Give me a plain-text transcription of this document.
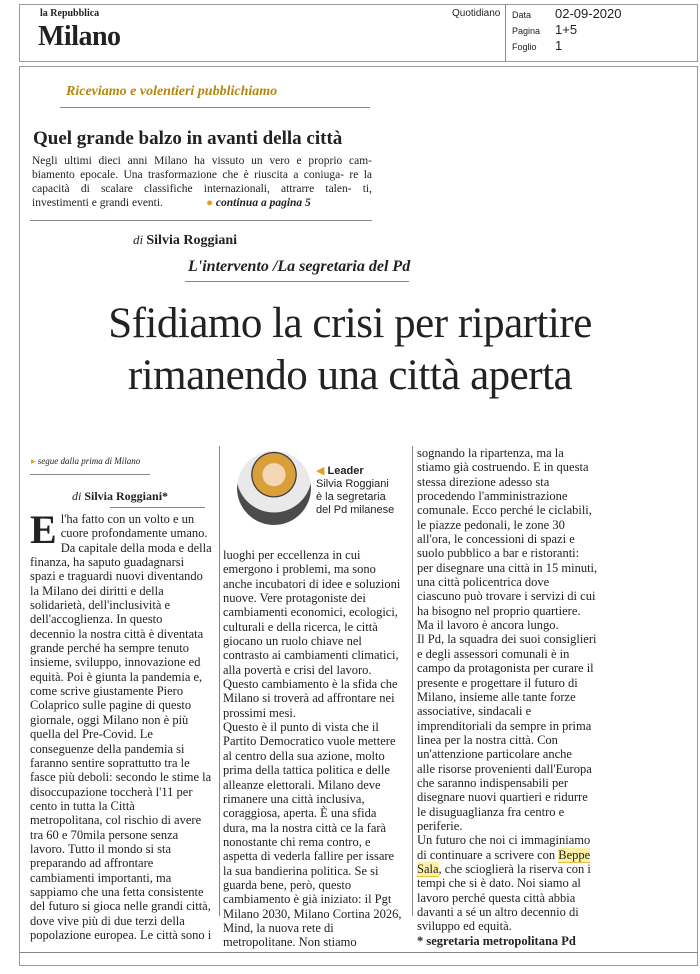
la Repubblica
Milano
Quotidiano Data 02-09-2020
Pagina 1+5
Foglio 1
Riceviamo e volentieri pubblichiamo
Quel grande balzo in avanti della città
Negli ultimi dieci anni Milano ha vissuto un vero e proprio cam- biamento epocale. Una trasformazione che è riuscita a coniuga- re la capacità di scalare classifiche internazionali, attrarre talen- ti, investimenti e grandi eventi.	● continua a pagina 5
di Silvia Roggiani
L'intervento /La segretaria del Pd
Sfidiamo la crisi per ripartire
rimanendo una città aperta
▸ segue dalla prima di Milano
di Silvia Roggiani*
E l'ha fatto con un volto e un
cuore profondamente umano.
Da capitale della moda e della
finanza, ha saputo guadagnarsi
spazi e traguardi nuovi diventando
la Milano dei diritti e della
solidarietà, dell'inclusività e
dell'accoglienza. In questo
decennio la nostra città è diventata
grande perché ha sempre tenuto
insieme, sviluppo, innovazione ed
equità. Poi è giunta la pandemia e,
come scrive giustamente Piero
Colaprico sulle pagine di questo
giornale, oggi Milano non è più
quella del Pre-Covid. Le
conseguenze della pandemia si
faranno sentire soprattutto tra le
fasce più deboli: secondo le stime la
disoccupazione toccherà l'11 per
cento in tutta la Città
metropolitana, col rischio di avere
tra 60 e 70mila persone senza
lavoro. Tutto il mondo si sta
preparando ad affrontare
cambiamenti importanti, ma
sappiamo che una fetta consistente
del futuro si gioca nelle grandi città,
dove vive più di due terzi della
popolazione europea. Le città sono i
◀ Leader
Silvia Roggiani
è la segretaria
del Pd milanese
luoghi per eccellenza in cui
emergono i problemi, ma sono
anche incubatori di idee e soluzioni
nuove. Vere protagoniste dei
cambiamenti economici, ecologici,
culturali e della ricerca, le città
giocano un ruolo chiave nel
contrasto ai cambiamenti climatici,
alla povertà e crisi del lavoro.
Questo cambiamento è la sfida che
Milano si troverà ad affrontare nei
prossimi mesi.
Questo è il punto di vista che il
Partito Democratico vuole mettere
al centro della sua azione, molto
prima della tattica politica e delle
alleanze elettorali. Milano deve
rimanere una città inclusiva,
coraggiosa, aperta. È una sfida
dura, ma la nostra città ce la farà
nonostante chi rema contro, e
aspetta di vederla fallire per issare
la sua bandierina politica. Se si
guarda bene, però, questo
cambiamento è già iniziato: il Pgt
Milano 2030, Milano Cortina 2026,
Mind, la nuova rete di
metropolitane. Non stiamo
sognando la ripartenza, ma la
stiamo già costruendo. E in questa
stessa direzione adesso sta
procedendo l'amministrazione
comunale. Ecco perché le ciclabili,
le piazze pedonali, le zone 30
all'ora, le concessioni di spazi e
suolo pubblico a bar e ristoranti:
per disegnare una città in 15 minuti,
una città policentrica dove
ciascuno può trovare i servizi di cui
ha bisogno nel proprio quartiere.
Ma il lavoro è ancora lungo.
Il Pd, la squadra dei suoi consiglieri
e degli assessori comunali è in
campo da protagonista per curare il
presente e progettare il futuro di
Milano, insieme alle tante forze
associative, sindacali e
imprenditoriali da sempre in prima
linea per la nostra città. Con
un'attenzione particolare anche
alle risorse provenienti dall'Europa
che saranno indispensabili per
disegnare nuovi quartieri e ridurre
le disuguaglianza fra centro e
periferie.
Un futuro che noi ci immaginiamo
di continuare a scrivere con Beppe
Sala, che scioglierà la riserva con i
tempi che si è dato. Noi siamo al
lavoro perché questa città abbia
davanti a sé un altro decennio di
sviluppo ed equità.
* segretaria metropolitana Pd
